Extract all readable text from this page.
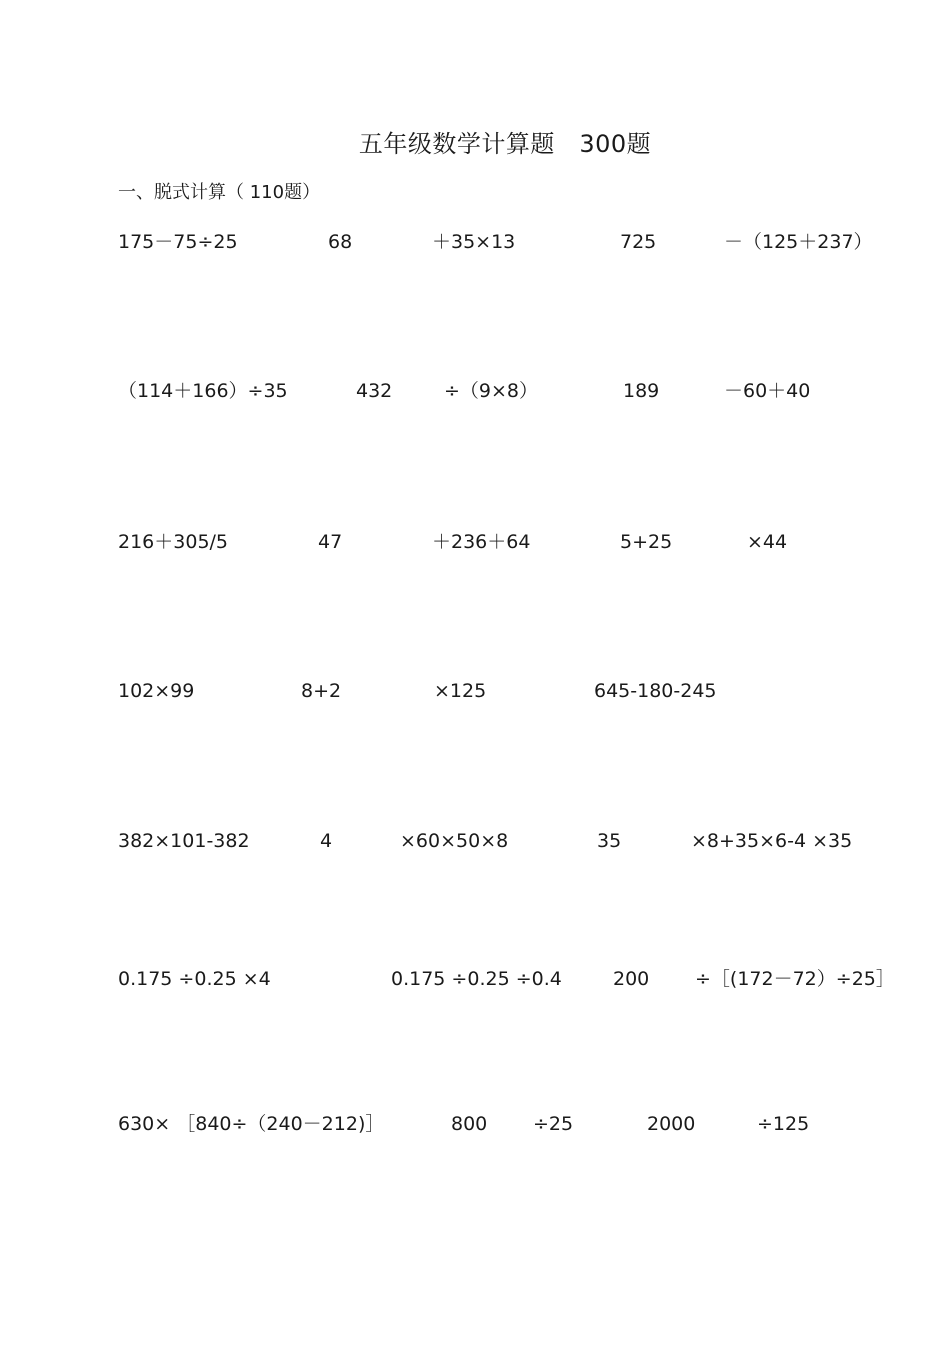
五年级数学计算题　300题
一、脱式计算（ 110题）
175－75÷25	68	＋35×13	725	－（125＋237）
（114＋166）÷35	432	÷（9×8）	189	－60＋40
216＋305/5	47	＋236＋64	5+25	×44
102×99	8+2	×125	645-180-245
382×101-382	4	×60×50×8	35	×8+35×6-4 ×35
0.175 ÷0.25 ×4	0.175 ÷0.25 ÷0.4	200 ÷［(172－72）÷25］
630× ［840÷（240－212)］	800 ÷25	2000	÷125
